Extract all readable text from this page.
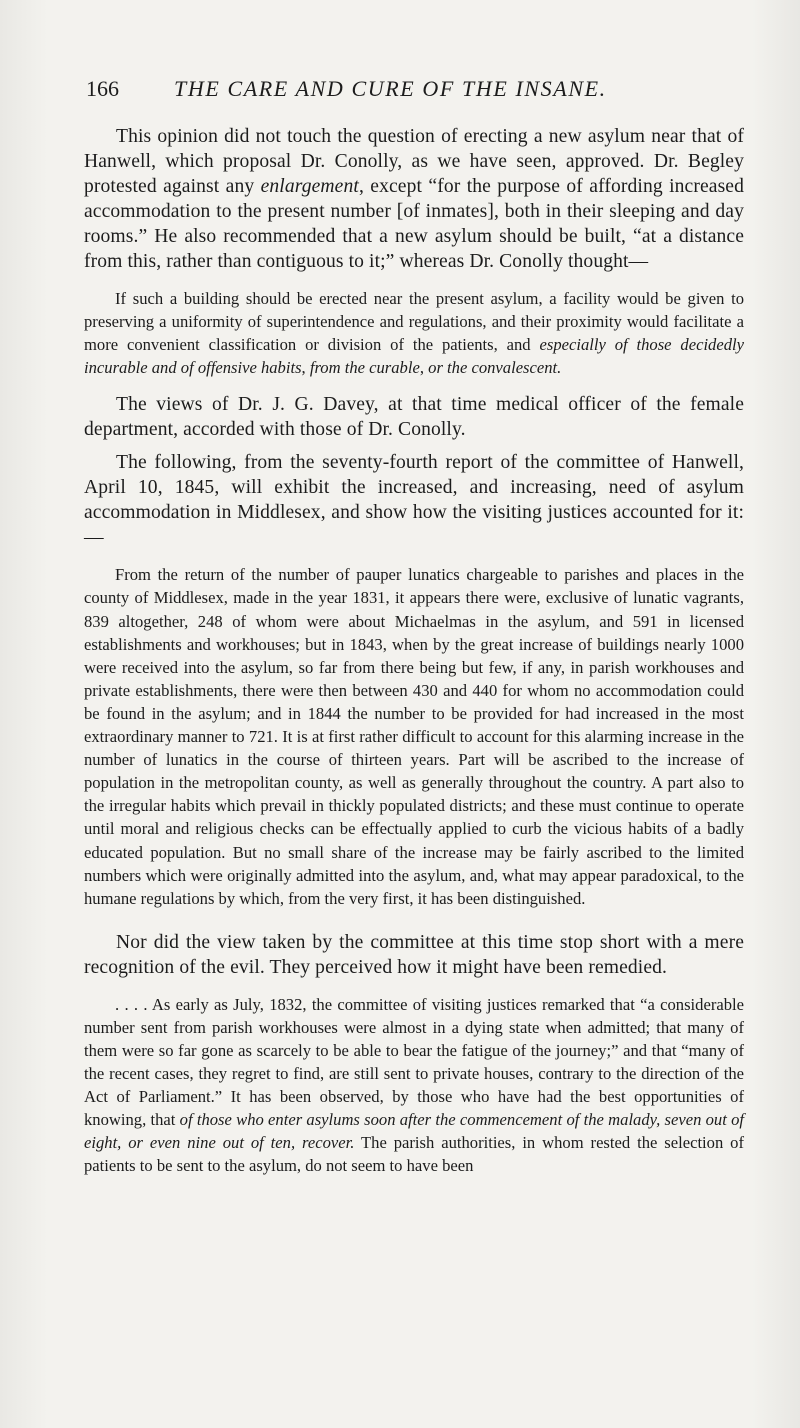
166	THE CARE AND CURE OF THE INSANE.

This opinion did not touch the question of erecting a new asylum near that of Hanwell, which proposal Dr. Conolly, as we have seen, approved. Dr. Begley protested against any enlargement, except “for the purpose of affording increased accommodation to the present number [of inmates], both in their sleeping and day rooms.” He also recommended that a new asylum should be built, “at a distance from this, rather than contiguous to it;” whereas Dr. Conolly thought—

If such a building should be erected near the present asylum, a facility would be given to preserving a uniformity of superintendence and regulations, and their proximity would facilitate a more convenient classification or division of the patients, and especially of those decidedly incurable and of offensive habits, from the curable, or the convalescent.

The views of Dr. J. G. Davey, at that time medical officer of the female department, accorded with those of Dr. Conolly.

The following, from the seventy-fourth report of the committee of Hanwell, April 10, 1845, will exhibit the increased, and increasing, need of asylum accommodation in Middlesex, and show how the visiting justices accounted for it:—

From the return of the number of pauper lunatics chargeable to parishes and places in the county of Middlesex, made in the year 1831, it appears there were, exclusive of lunatic vagrants, 839 altogether, 248 of whom were about Michaelmas in the asylum, and 591 in licensed establishments and workhouses; but in 1843, when by the great increase of buildings nearly 1000 were received into the asylum, so far from there being but few, if any, in parish workhouses and private establishments, there were then between 430 and 440 for whom no accommodation could be found in the asylum; and in 1844 the number to be provided for had increased in the most extraordinary manner to 721. It is at first rather difficult to account for this alarming increase in the number of lunatics in the course of thirteen years. Part will be ascribed to the increase of population in the metropolitan county, as well as generally throughout the country. A part also to the irregular habits which prevail in thickly populated districts; and these must continue to operate until moral and religious checks can be effectually applied to curb the vicious habits of a badly educated population. But no small share of the increase may be fairly ascribed to the limited numbers which were originally admitted into the asylum, and, what may appear paradoxical, to the humane regulations by which, from the very first, it has been distinguished.

Nor did the view taken by the committee at this time stop short with a mere recognition of the evil. They perceived how it might have been remedied.

. . . . As early as July, 1832, the committee of visiting justices remarked that “a considerable number sent from parish workhouses were almost in a dying state when admitted; that many of them were so far gone as scarcely to be able to bear the fatigue of the journey;” and that “many of the recent cases, they regret to find, are still sent to private houses, contrary to the direction of the Act of Parliament.” It has been observed, by those who have had the best opportunities of knowing, that of those who enter asylums soon after the commencement of the malady, seven out of eight, or even nine out of ten, recover. The parish authorities, in whom rested the selection of patients to be sent to the asylum, do not seem to have been
